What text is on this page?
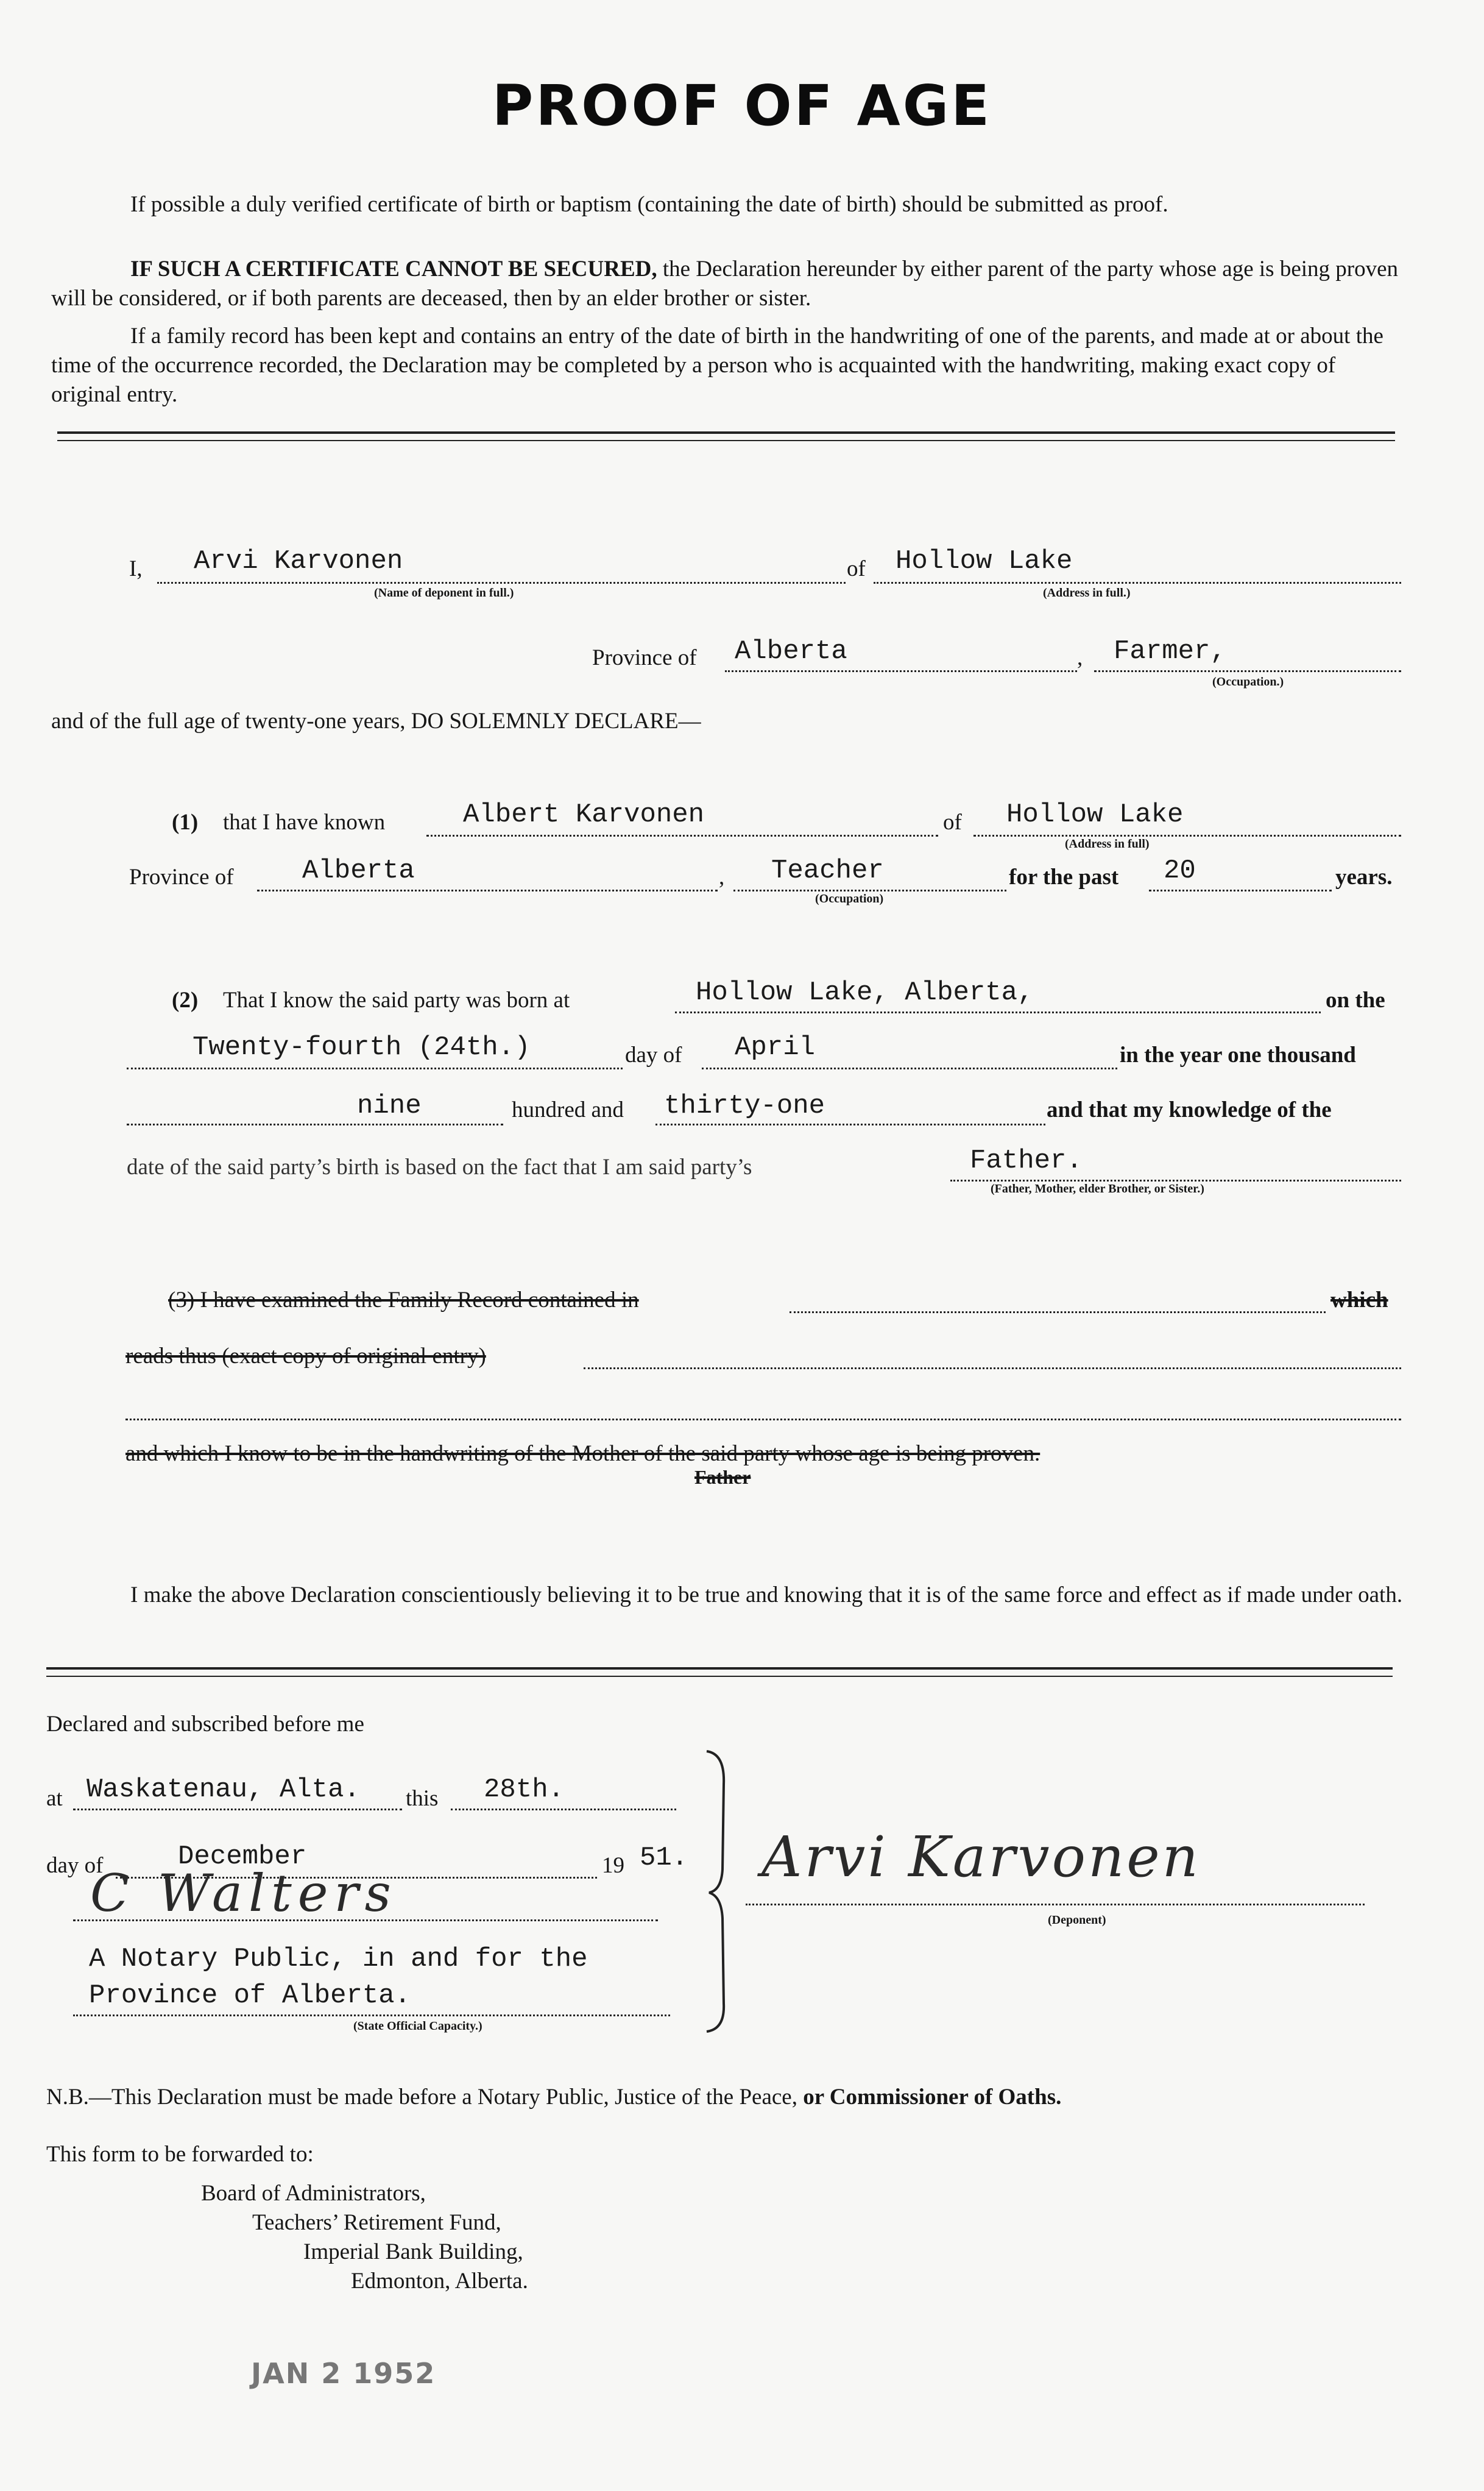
PROOF OF AGE
If possible a duly verified certificate of birth or baptism (containing the date of birth) should be submitted as proof.
IF SUCH A CERTIFICATE CANNOT BE SECURED, the Declaration hereunder by either parent of the party whose age is being proven will be considered, or if both parents are deceased, then by an elder brother or sister.
If a family record has been kept and contains an entry of the date of birth in the handwriting of one of the parents, and made at or about the time of the occurrence recorded, the Declaration may be completed by a person who is acquainted with the handwriting, making exact copy of original entry.
I, Arvi Karvonen
(Name of deponent in full.)
of Hollow Lake
(Address in full.)
Province of Alberta	, Farmer,
(Occupation.)
and of the full age of twenty-one years, DO SOLEMNLY DECLARE—
(1) that I have known	Albert Karvonen	of Hollow Lake
(Address in full)
Province of	Alberta	, Teacher
(Occupation)
for the past 20	years.
(2) That I know the said party was born at	Hollow Lake, Alberta,	on the
Twenty-fourth (24th.)	day of April	in the year one thousand
nine	hundred and thirty-one	and that my knowledge of the
date of the said party’s birth is based on the fact that I am said party’s	Father.
(Father, Mother, elder Brother, or Sister.)
(3) I have examined the Family Record contained in	which
reads thus (exact copy of original entry)
and which I know to be in the handwriting of the Mother of the said party whose age is being proven.
Father
I make the above Declaration conscientiously believing it to be true and knowing that it is of the same force and effect as if made under oath.
Declared and subscribed before me
at Waskatenau, Alta. this 28th.
day of	December	19 51.
C Walters
A Notary Public, in and for the
Province of Alberta.
(State Official Capacity.)
Arvi Karvonen
(Deponent)
N.B.—This Declaration must be made before a Notary Public, Justice of the Peace, or Commissioner of Oaths.
This form to be forwarded to:
Board of Administrators,
Teachers’ Retirement Fund,
Imperial Bank Building,
Edmonton, Alberta.
JAN 2 1952
